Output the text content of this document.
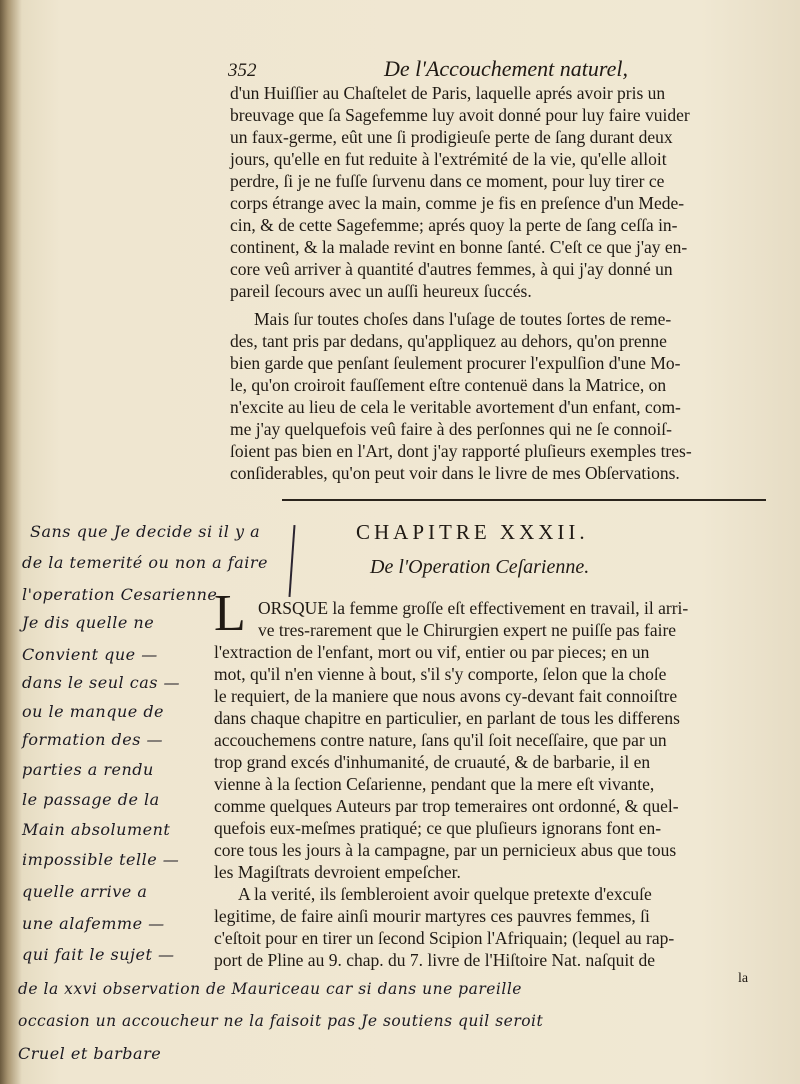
352	De l'Accouchement naturel,
d'un Huiſſier au Chaſtelet de Paris, laquelle aprés avoir pris un
breuvage que ſa Sagefemme luy avoit donné pour luy faire vuider
un faux-germe, eût une ſi prodigieuſe perte de ſang durant deux
jours, qu'elle en fut reduite à l'extrémité de la vie, qu'elle alloit
perdre, ſi je ne fuſſe ſurvenu dans ce moment, pour luy tirer ce
corps étrange avec la main, comme je fis en preſence d'un Mede-
cin, & de cette Sagefemme; aprés quoy la perte de ſang ceſſa in-
continent, & la malade revint en bonne ſanté. C'eſt ce que j'ay en-
core veû arriver à quantité d'autres femmes, à qui j'ay donné un
pareil ſecours avec un auſſi heureux ſuccés.
Mais ſur toutes choſes dans l'uſage de toutes ſortes de reme-
des, tant pris par dedans, qu'appliquez au dehors, qu'on prenne
bien garde que penſant ſeulement procurer l'expulſion d'une Mo-
le, qu'on croiroit fauſſement eſtre contenuë dans la Matrice, on
n'excite au lieu de cela le veritable avortement d'un enfant, com-
me j'ay quelquefois veû faire à des perſonnes qui ne ſe connoiſ-
ſoient pas bien en l'Art, dont j'ay rapporté pluſieurs exemples tres-
conſiderables, qu'on peut voir dans le livre de mes Obſervations.
CHAPITRE XXXII.
De l'Operation Ceſarienne.
L ORSQUE la femme groſſe eſt effectivement en travail, il arri-
ve tres-rarement que le Chirurgien expert ne puiſſe pas faire
l'extraction de l'enfant, mort ou vif, entier ou par pieces; en un
mot, qu'il n'en vienne à bout, s'il s'y comporte, ſelon que la choſe
le requiert, de la maniere que nous avons cy-devant fait connoiſtre
dans chaque chapitre en particulier, en parlant de tous les differens
accouchemens contre nature, ſans qu'il ſoit neceſſaire, que par un
trop grand excés d'inhumanité, de cruauté, & de barbarie, il en
vienne à la ſection Ceſarienne, pendant que la mere eſt vivante,
comme quelques Auteurs par trop temeraires ont ordonné, & quel-
quefois eux-meſmes pratiqué; ce que pluſieurs ignorans font en-
core tous les jours à la campagne, par un pernicieux abus que tous
les Magiſtrats devroient empeſcher.
A la verité, ils ſembleroient avoir quelque pretexte d'excuſe
legitime, de faire ainſi mourir martyres ces pauvres femmes, ſi
c'eſtoit pour en tirer un ſecond Scipion l'Afriquain; (lequel au rap-
port de Pline au 9. chap. du 7. livre de l'Hiſtoire Nat. naſquit de
la
Sans que Je decide si il y a
de la temerité ou non a faire
l'operation Cesarienne
Je dis quelle ne
Convient que —
dans le seul cas —
ou le manque de
formation des —
parties a rendu
le passage de la
Main absolument
impossible telle —
quelle arrive a
une alafemme —
qui fait le sujet —
de la xxvi observation de Mauriceau car si dans une pareille
occasion un accoucheur ne la faisoit pas Je soutiens quil seroit
Cruel et barbare
